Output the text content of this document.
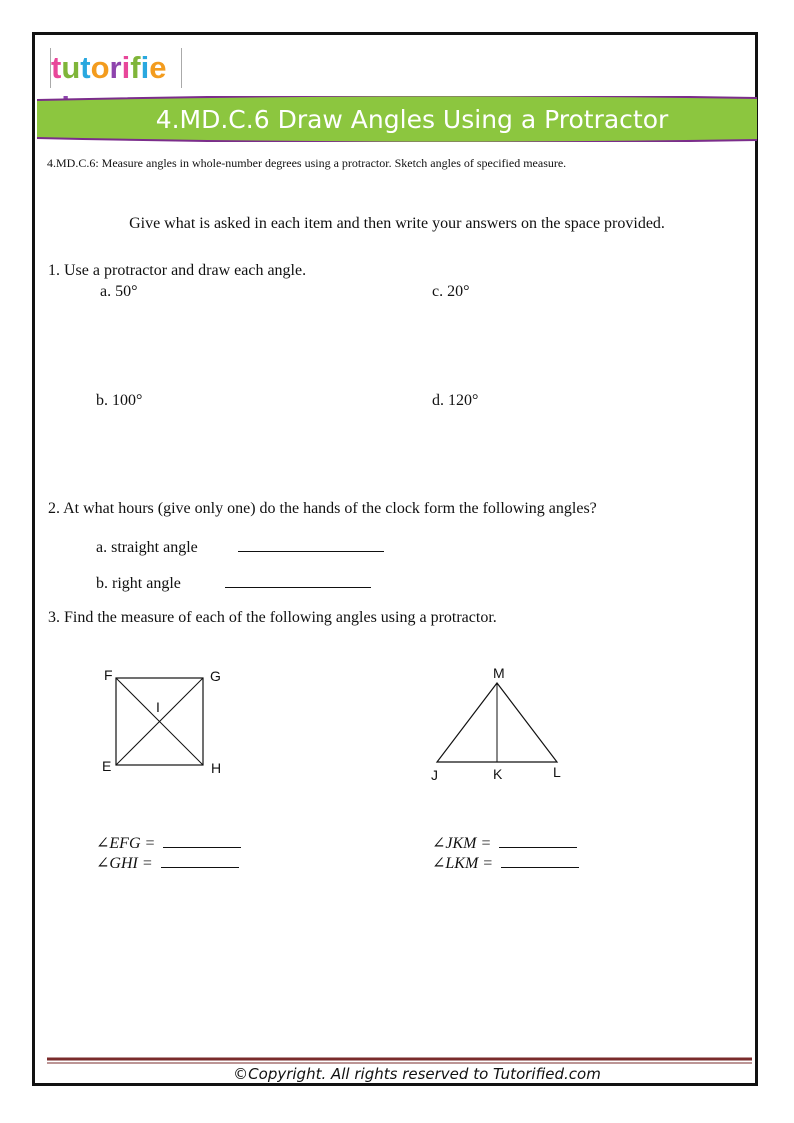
tutorifie
4.MD.C.6 Draw Angles Using a Protractor
4.MD.C.6: Measure angles in whole-number degrees using a protractor. Sketch angles of specified measure.
Give what is asked in each item and then write your answers on the space provided.
1. Use a protractor and draw each angle.
a. 50°	c. 20°
b. 100°	d. 120°
2. At what hours (give only one) do the hands of the clock form the following angles?
a. straight angle
b. right angle
3. Find the measure of each of the following angles using a protractor.
F	G
I
E	H
M
J	K	L
∠EFG =
∠GHI =
∠JKM =
∠LKM =
©Copyright. All rights reserved to Tutorified.com
